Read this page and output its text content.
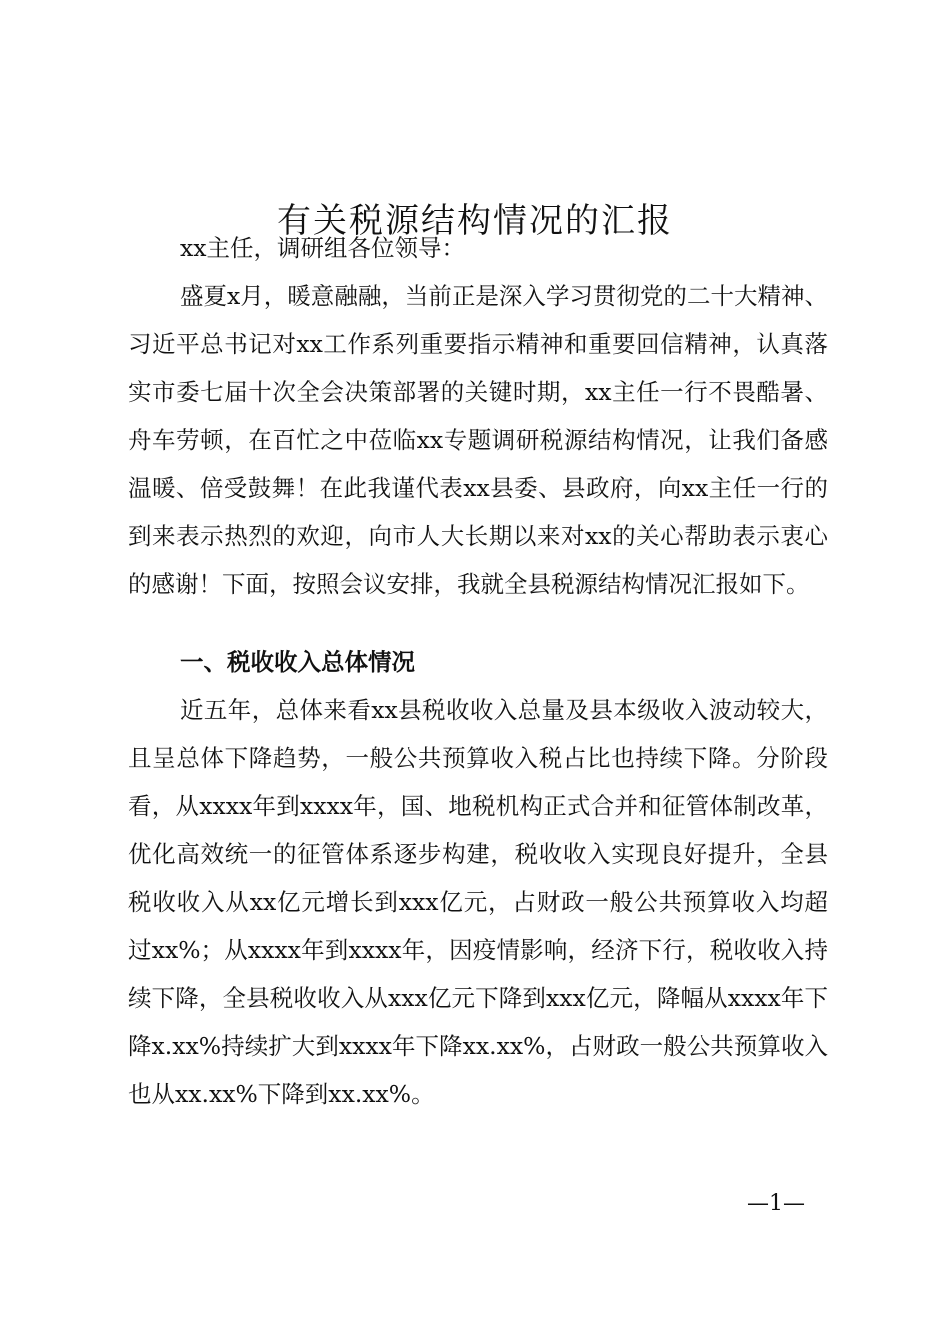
有关税源结构情况的汇报

xx主任，调研组各位领导：

盛夏x月，暖意融融，当前正是深入学习贯彻党的二十大精神、习近平总书记对xx工作系列重要指示精神和重要回信精神，认真落实市委七届十次全会决策部署的关键时期，xx主任一行不畏酷暑、舟车劳顿，在百忙之中莅临xx专题调研税源结构情况，让我们备感温暖、倍受鼓舞！在此我谨代表xx县委、县政府，向xx主任一行的到来表示热烈的欢迎，向市人大长期以来对xx的关心帮助表示衷心的感谢！下面，按照会议安排，我就全县税源结构情况汇报如下。

一、税收收入总体情况

近五年，总体来看xx县税收收入总量及县本级收入波动较大，且呈总体下降趋势，一般公共预算收入税占比也持续下降。分阶段看，从xxxx年到xxxx年，国、地税机构正式合并和征管体制改革，优化高效统一的征管体系逐步构建，税收收入实现良好提升，全县税收收入从xx亿元增长到xxx亿元，占财政一般公共预算收入均超过xx%；从xxxx年到xxxx年，因疫情影响，经济下行，税收收入持续下降，全县税收收入从xxx亿元下降到xxx亿元，降幅从xxxx年下降x.xx%持续扩大到xxxx年下降xx.xx%，占财政一般公共预算收入也从xx.xx%下降到xx.xx%。

—1—
